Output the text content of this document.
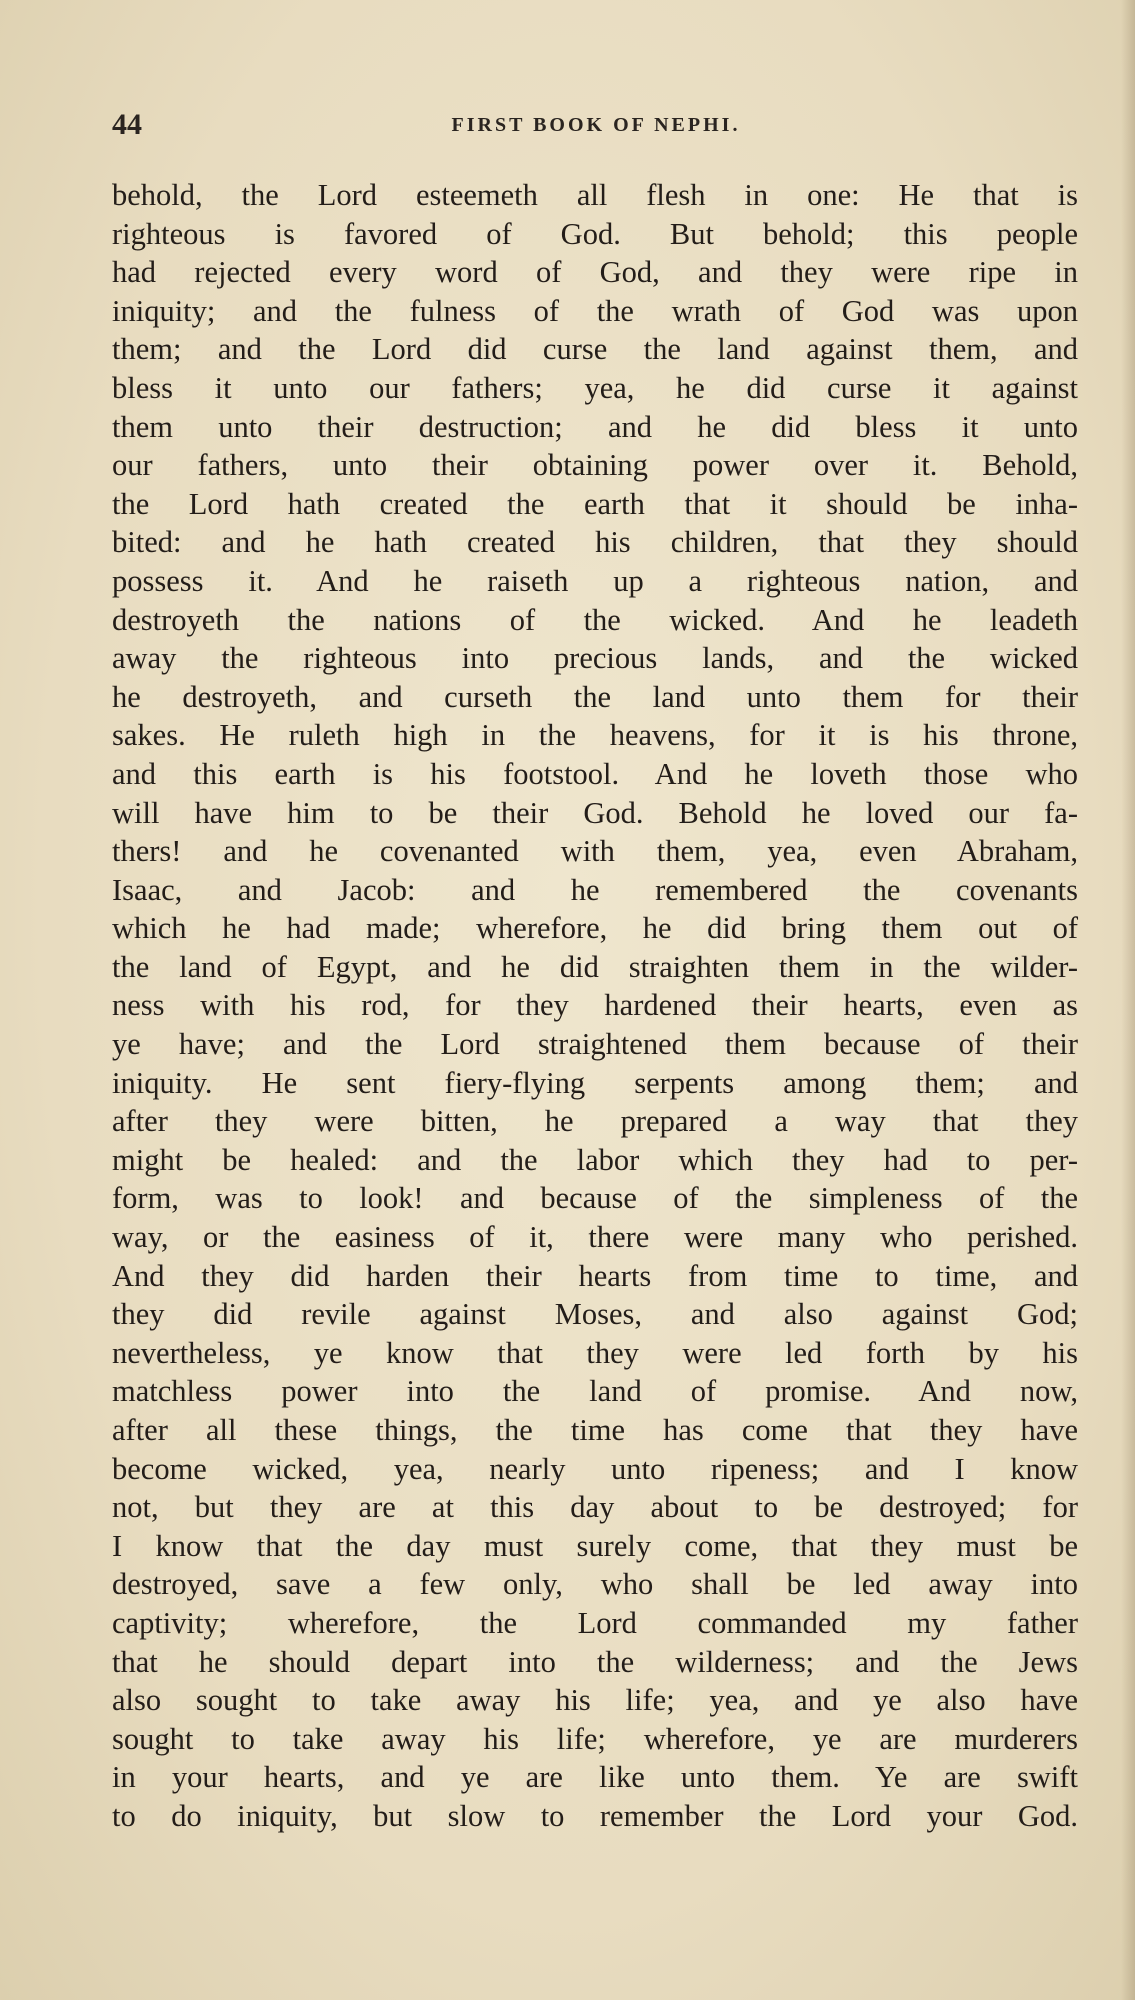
44	FIRST BOOK OF NEPHI.
behold, the Lord esteemeth all flesh in one: He that is
righteous is favored of God. But behold; this people
had rejected every word of God, and they were ripe in
iniquity; and the fulness of the wrath of God was upon
them; and the Lord did curse the land against them, and
bless it unto our fathers; yea, he did curse it against
them unto their destruction; and he did bless it unto
our fathers, unto their obtaining power over it. Behold,
the Lord hath created the earth that it should be inha-
bited: and he hath created his children, that they should
possess it. And he raiseth up a righteous nation, and
destroyeth the nations of the wicked. And he leadeth
away the righteous into precious lands, and the wicked
he destroyeth, and curseth the land unto them for their
sakes. He ruleth high in the heavens, for it is his throne,
and this earth is his footstool. And he loveth those who
will have him to be their God. Behold he loved our fa-
thers! and he covenanted with them, yea, even Abraham,
Isaac, and Jacob: and he remembered the covenants
which he had made; wherefore, he did bring them out of
the land of Egypt, and he did straighten them in the wilder-
ness with his rod, for they hardened their hearts, even as
ye have; and the Lord straightened them because of their
iniquity. He sent fiery-flying serpents among them; and
after they were bitten, he prepared a way that they
might be healed: and the labor which they had to per-
form, was to look! and because of the simpleness of the
way, or the easiness of it, there were many who perished.
And they did harden their hearts from time to time, and
they did revile against Moses, and also against God;
nevertheless, ye know that they were led forth by his
matchless power into the land of promise. And now,
after all these things, the time has come that they have
become wicked, yea, nearly unto ripeness; and I know
not, but they are at this day about to be destroyed; for
I know that the day must surely come, that they must be
destroyed, save a few only, who shall be led away into
captivity; wherefore, the Lord commanded my father
that he should depart into the wilderness; and the Jews
also sought to take away his life; yea, and ye also have
sought to take away his life; wherefore, ye are murderers
in your hearts, and ye are like unto them. Ye are swift
to do iniquity, but slow to remember the Lord your God.
